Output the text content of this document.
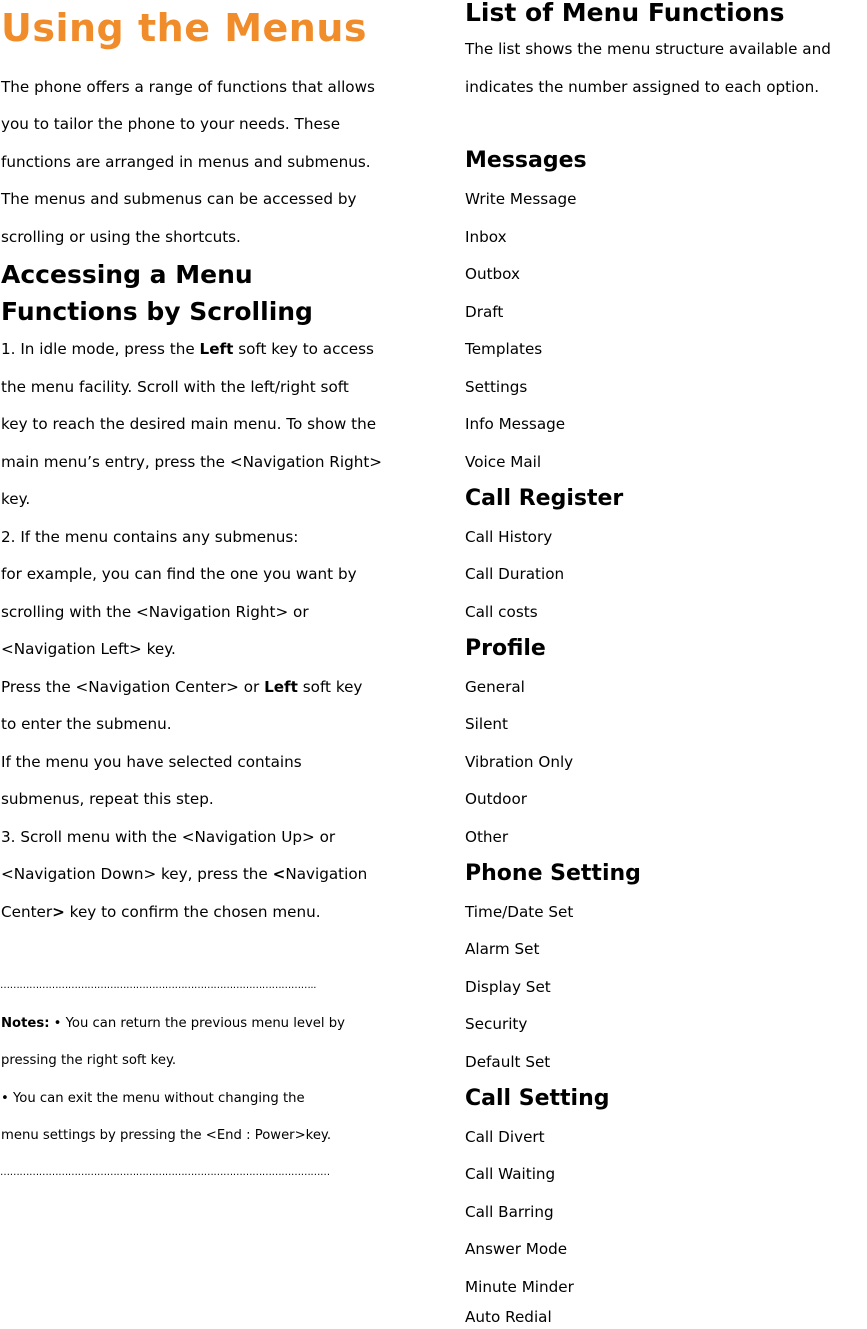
Using the Menus
The phone offers a range of functions that allows
you to tailor the phone to your needs. These
functions are arranged in menus and submenus.
The menus and submenus can be accessed by
scrolling or using the shortcuts.
Accessing a Menu
Functions by Scrolling
1. In idle mode, press the Left soft key to access
the menu facility. Scroll with the left/right soft
key to reach the desired main menu. To show the
main menu’s entry, press the <Navigation Right>
key.
2. If the menu contains any submenus:
for example, you can find the one you want by
scrolling with the <Navigation Right> or
<Navigation Left> key.
Press the <Navigation Center> or Left soft key
to enter the submenu.
If the menu you have selected contains
submenus, repeat this step.
3. Scroll menu with the <Navigation Up> or
<Navigation Down> key, press the <Navigation
Center> key to confirm the chosen menu.
……………………………………………………………………………………..
Notes: • You can return the previous menu level by
pressing the right soft key.
• You can exit the menu without changing the
menu settings by pressing the <End : Power>key.
…………………………………………………………………………………………
List of Menu Functions
The list shows the menu structure available and
indicates the number assigned to each option.
Messages
Write Message
Inbox
Outbox
Draft
Templates
Settings
Info Message
Voice Mail
Call Register
Call History
Call Duration
Call costs
Profile
General
Silent
Vibration Only
Outdoor
Other
Phone Setting
Time/Date Set
Alarm Set
Display Set
Security
Default Set
Call Setting
Call Divert
Call Waiting
Call Barring
Answer Mode
Minute Minder
Auto Redial
